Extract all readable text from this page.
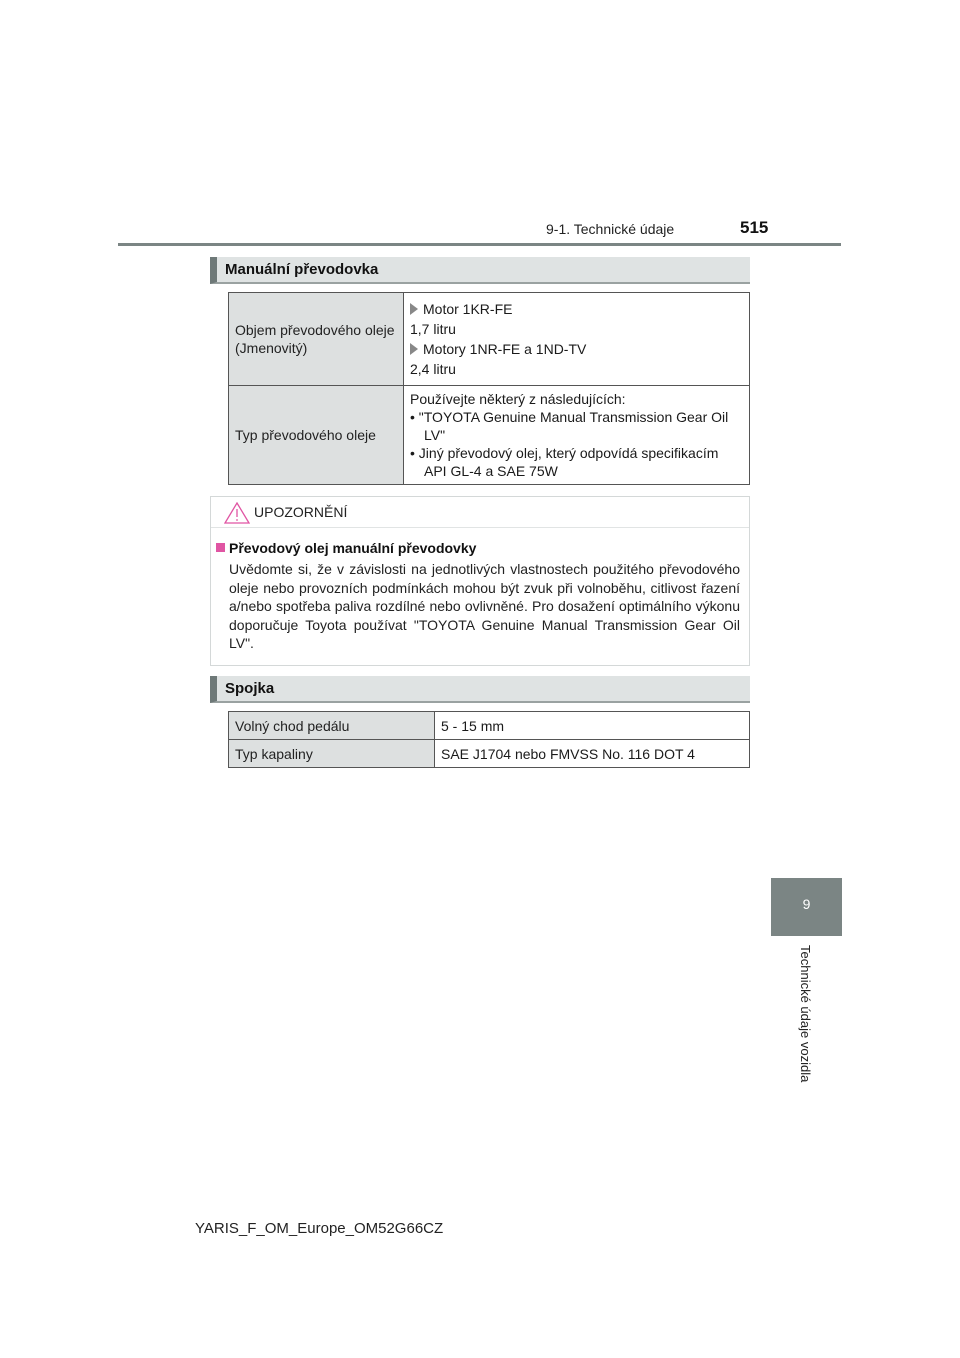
9-1. Technické údaje	515
Manuální převodovka
Objem převodového oleje (Jmenovitý)	Motor 1KR-FE
1,7 litru
Motory 1NR-FE a 1ND-TV
2,4 litru

Typ převodového oleje	Používejte některý z následujících:
• "TOYOTA Genuine Manual Transmission Gear Oil LV"
• Jiný převodový olej, který odpovídá specifikacím API GL-4 a SAE 75W
UPOZORNĚNÍ
Převodový olej manuální převodovky
Uvědomte si, že v závislosti na jednotlivých vlastnostech použitého převodového oleje nebo provozních podmínkách mohou být zvuk při volnoběhu, citlivost řazení a/nebo spotřeba paliva rozdílné nebo ovlivněné. Pro dosažení optimálního výkonu doporučuje Toyota používat "TOYOTA Genuine Manual Transmission Gear Oil LV".
Spojka
Volný chod pedálu	5 - 15 mm
Typ kapaliny	SAE J1704 nebo FMVSS No. 116 DOT 4
9
Technické údaje vozidla
YARIS_F_OM_Europe_OM52G66CZ
